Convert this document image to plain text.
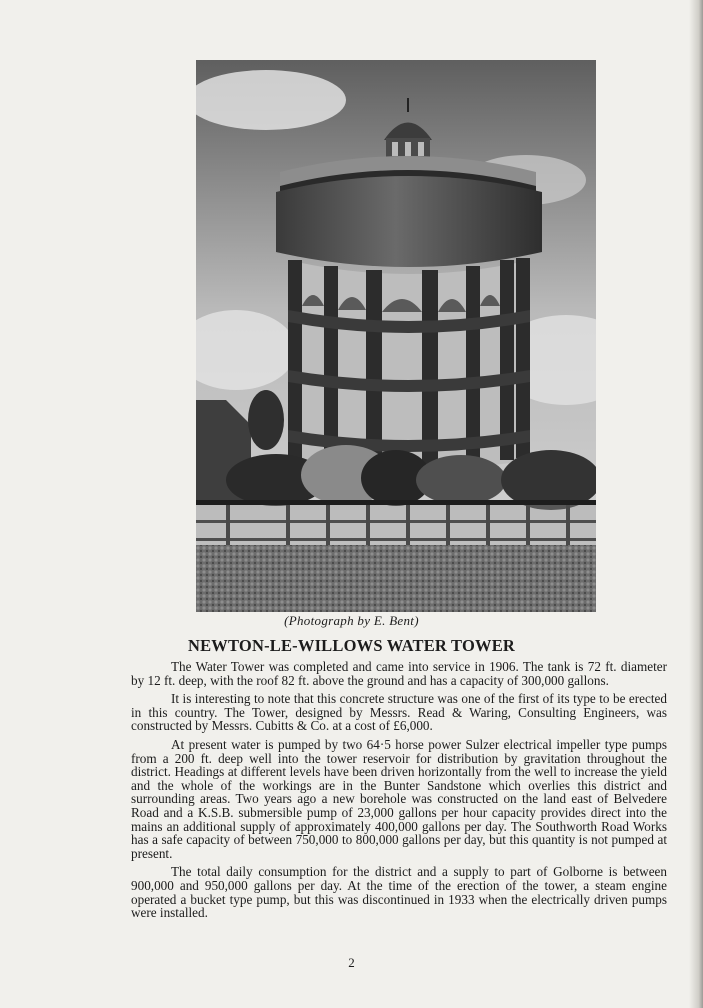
(Photograph by E. Bent)
NEWTON-LE-WILLOWS WATER TOWER

The Water Tower was completed and came into service in 1906. The tank is 72 ft. diameter by 12 ft. deep, with the roof 82 ft. above the ground and has a capacity of 300,000 gallons.

It is interesting to note that this concrete structure was one of the first of its type to be erected in this country. The Tower, designed by Messrs. Read & Waring, Consulting Engineers, was constructed by Messrs. Cubitts & Co. at a cost of £6,000.

At present water is pumped by two 64·5 horse power Sulzer electrical impeller type pumps from a 200 ft. deep well into the tower reservoir for distribution by gravitation throughout the district. Headings at different levels have been driven horizontally from the well to increase the yield and the whole of the workings are in the Bunter Sandstone which overlies this district and surrounding areas. Two years ago a new borehole was constructed on the land east of Belvedere Road and a K.S.B. submersible pump of 23,000 gallons per hour capacity provides direct into the mains an additional supply of approximately 400,000 gallons per day. The Southworth Road Works has a safe capacity of between 750,000 to 800,000 gallons per day, but this quantity is not pumped at present.

The total daily consumption for the district and a supply to part of Golborne is between 900,000 and 950,000 gallons per day. At the time of the erection of the tower, a steam engine operated a bucket type pump, but this was discontinued in 1933 when the electrically driven pumps were installed.

2
